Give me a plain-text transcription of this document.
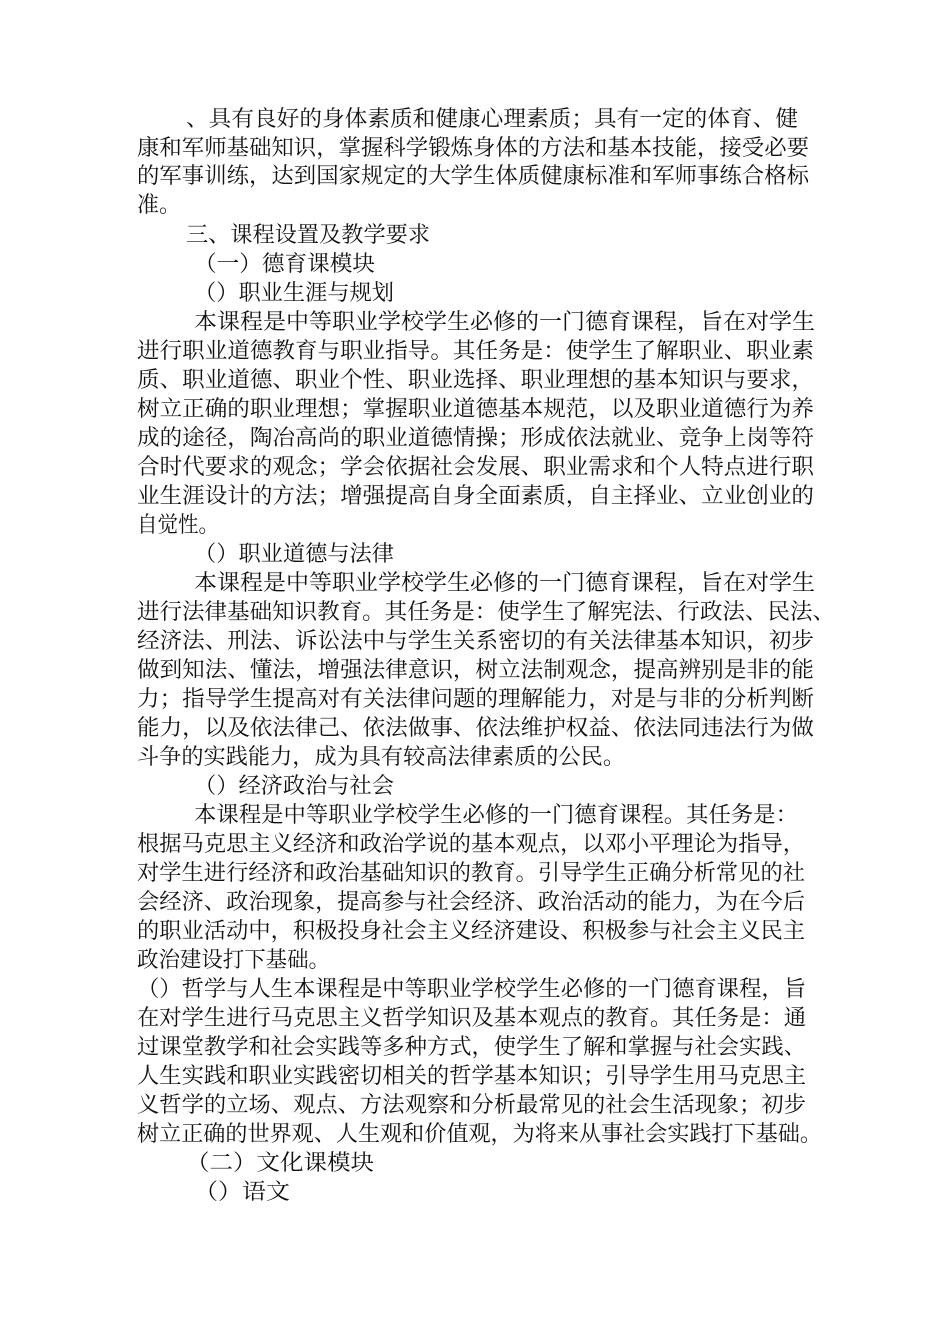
、具有良好的身体素质和健康心理素质；具有一定的体育、健
康和军师基础知识，掌握科学锻炼身体的方法和基本技能，接受必要
的军事训练，达到国家规定的大学生体质健康标准和军师事练合格标
准。
三、课程设置及教学要求
（一）德育课模块
（）职业生涯与规划
本课程是中等职业学校学生必修的一门德育课程，旨在对学生
进行职业道德教育与职业指导。其任务是：使学生了解职业、职业素
质、职业道德、职业个性、职业选择、职业理想的基本知识与要求，
树立正确的职业理想；掌握职业道德基本规范，以及职业道德行为养
成的途径，陶冶高尚的职业道德情操；形成依法就业、竞争上岗等符
合时代要求的观念；学会依据社会发展、职业需求和个人特点进行职
业生涯设计的方法；增强提高自身全面素质，自主择业、立业创业的
自觉性。
（）职业道德与法律
本课程是中等职业学校学生必修的一门德育课程，旨在对学生
进行法律基础知识教育。其任务是：使学生了解宪法、行政法、民法、
经济法、刑法、诉讼法中与学生关系密切的有关法律基本知识，初步
做到知法、懂法，增强法律意识，树立法制观念，提高辨别是非的能
力；指导学生提高对有关法律问题的理解能力，对是与非的分析判断
能力，以及依法律己、依法做事、依法维护权益、依法同违法行为做
斗争的实践能力，成为具有较高法律素质的公民。
（）经济政治与社会
本课程是中等职业学校学生必修的一门德育课程。其任务是：
根据马克思主义经济和政治学说的基本观点，以邓小平理论为指导，
对学生进行经济和政治基础知识的教育。引导学生正确分析常见的社
会经济、政治现象，提高参与社会经济、政治活动的能力，为在今后
的职业活动中，积极投身社会主义经济建设、积极参与社会主义民主
政治建设打下基础。
（）哲学与人生本课程是中等职业学校学生必修的一门德育课程，旨
在对学生进行马克思主义哲学知识及基本观点的教育。其任务是：通
过课堂教学和社会实践等多种方式，使学生了解和掌握与社会实践、
人生实践和职业实践密切相关的哲学基本知识；引导学生用马克思主
义哲学的立场、观点、方法观察和分析最常见的社会生活现象；初步
树立正确的世界观、人生观和价值观，为将来从事社会实践打下基础。
（二）文化课模块
（）语文
